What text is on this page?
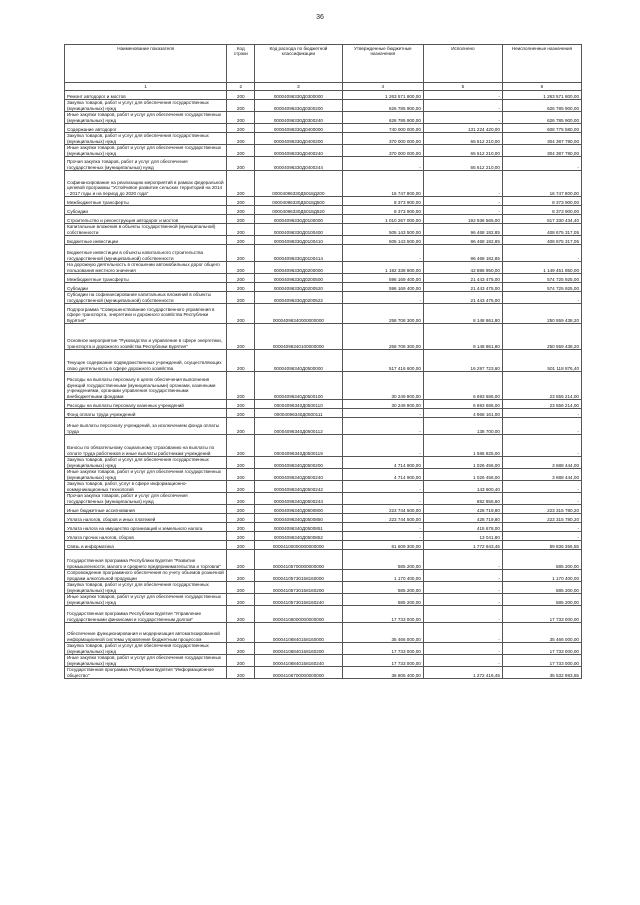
36
Наименование показателя	Код строки	Код расхода по бюджетной классификации	Утвержденные бюджетные назначения	Исполнено	Неисполненные назначения
1	2	3	4	5	6
Ремонт автодорог и мостов	200	00004096330Д0300000	1 263 571 800,00	-	1 263 571 800,00
Закупка товаров, работ и услуг для обеспечения государственных (муниципальных) нужд	200	00004096330Д0300200	626 785 900,00	-	626 785 900,00
Иные закупки товаров, работ и услуг для обеспечения государственных (муниципальных) нужд	200	00004096330Д0300240	626 785 900,00	-	626 785 900,00
Содержание автодорог	200	00004096330Д0400000	740 000 000,00	131 224 420,00	608 775 580,00
Закупка товаров, работ и услуг для обеспечения государственных (муниципальных) нужд	200	00004096330Д0400200	370 000 000,00	65 612 210,00	304 387 790,00
Иные закупки товаров, работ и услуг для обеспечения государственных (муниципальных) нужд	200	00004096330Д0400240	370 000 000,00	65 612 210,00	304 387 790,00
Прочая закупка товаров, работ и услуг для обеспечения государственных (муниципальных) нужд	200	00004096330Д0400244	-	65 612 210,00	-
Софинансирование на реализацию мероприятий в рамках федеральной целевой программы "Устойчивое развитие сельских территорий на 2014 - 2017 годы и на период до 2020 года"	200	00004096330Д5018Д200	16 747 800,00	-	16 747 800,00
Межбюджетные трансферты	200	00004096330Д5018Д500	8 373 900,00	-	8 373 900,00
Субсидии	200	00004096330Д5018Д520	8 373 900,00	-	8 373 900,00
Строительство и реконструкция автодорог и мостов	200	00004096330Д0100000	1 010 267 000,00	192 936 565,00	817 330 434,40
Капитальные вложения в объекты государственной (муниципальной) собственности	200	00004096330Д0100400	505 143 500,00	96 468 182,85	408 675 317,05
Бюджетные инвестиции	200	00004096330Д0100410	505 143 500,00	96 468 182,85	408 675 317,05
Бюджетные инвестиции в объекты капитального строительства государственной (муниципальной) собственности	200	00004096330Д0100414	-	96 468 182,85	-
На дорожную деятельность в отношении автомобильных дорог общего пользования местного значения	200	00004096330Д0200000	1 192 338 800,00	42 886 950,00	1 149 451 850,00
Межбюджетные трансферты	200	00004096330Д0200500	596 169 400,00	21 443 475,00	574 725 925,00
Субсидии	200	00004096330Д0200520	596 169 400,00	21 443 475,00	574 725 925,00
Субсидии на софинансирование капитальных вложений в объекты государственной (муниципальной) собственности	200	00004096330Д0200522	-	21 443 475,00	-
Подпрограмма "Совершенствование государственного управления в сфере транспорта, энергетики и дорожного хозяйства Республики Бурятия"	200	00004096340000000000	258 708 300,00	8 148 861,80	250 559 438,20
Основное мероприятие "Руководство и управление в сфере энергетики, транспорта и дорожного хозяйства Республики Бурятия"	200	00004096340100000000	258 708 300,00	8 148 861,80	250 559 438,20
Текущее содержание подведомственных учреждений, осуществляющих свою деятельность в сфере дорожного хозяйства	200	00004096340Д0500000	517 416 600,00	16 297 723,60	501 118 876,40
Расходы на выплаты персоналу в целях обеспечения выполнения функций государственными (муниципальными) органами, казенными учреждениями, органами управления государственными внебюджетными фондами	200	00004096340Д0500100	30 249 900,00	6 693 686,00	23 556 214,00
Расходы на выплаты персоналу казенных учреждений	200	00004096340Д0500110	30 249 900,00	6 693 686,00	23 556 214,00
Фонд оплаты труда учреждений	200	00004096340Д0500111	-	4 968 161,00	-
Иные выплаты персоналу учреждений, за исключением фонда оплаты труда	200	00004096340Д0500112	-	138 700,00	-
Взносы по обязательному социальному страхованию на выплаты по оплате труда работников и иные выплаты работникам учреждений	200	00004096340Д0500119	-	1 586 825,00	-
Закупка товаров, работ и услуг для обеспечения государственных (муниципальных) нужд	200	00004096340Д0500200	4 714 900,00	1 026 456,00	3 688 444,00
Иные закупки товаров, работ и услуг для обеспечения государственных (муниципальных) нужд	200	00004096340Д0500240	4 714 900,00	1 026 456,00	3 688 444,00
Закупка товаров, работ, услуг в сфере информационно-коммуникационных технологий	200	00004096340Д0500242	-	143 600,40	-
Прочая закупка товаров, работ и услуг для обеспечения государственных (муниципальных) нужд	200	00004096340Д0500244	-	882 855,60	-
Иные бюджетные ассигнования	200	00004096340Д0500800	223 744 500,00	428 719,80	223 315 780,20
Уплата налогов, сборов и иных платежей	200	00004096340Д0500850	223 744 500,00	428 719,80	223 315 780,20
Уплата налога на имущество организаций и земельного налога	200	00004096340Д0500851	-	415 678,00	-
Уплата прочих налогов, сборов	200	00004096340Д0500852	-	13 041,80	-
Связь и информатика	200	00004100000000000000	61 609 300,00	1 772 943,45	59 836 356,55
Государственная программа Республики Бурятия "Развитие промышленности, малого и среднего предпринимательства и торговли"	200	00004105700000000000	585 200,00	-	585 200,00
Сопровождение программного обеспечения по учету объемов розничной продажи алкогольной продукции	200	00004105730158160000	1 170 400,00	-	1 170 400,00
Закупка товаров, работ и услуг для обеспечения государственных (муниципальных) нужд	200	00004105730158160200	585 200,00	-	585 200,00
Иные закупки товаров, работ и услуг для обеспечения государственных (муниципальных) нужд	200	00004105730158160240	585 200,00	-	585 200,00
Государственная программа Республики Бурятия "Управление государственными финансами и государственным долгом"	200	00004106000000000000	17 733 000,00	-	17 733 000,00
Обеспечение функционирования и модернизация автоматизированной информационной системы управления бюджетным процессом	200	00004106840158160000	35 466 000,00	-	35 466 000,00
Закупка товаров, работ и услуг для обеспечения государственных (муниципальных) нужд	200	00004106840158160200	17 733 000,00	-	17 733 000,00
Иные закупки товаров, работ и услуг для обеспечения государственных (муниципальных) нужд	200	00004106840158160240	17 733 000,00	-	17 733 000,00
Государственная программа Республики Бурятия "Информационное общество"	200	00004106700000000000	36 805 400,00	1 272 416,45	35 532 983,55
